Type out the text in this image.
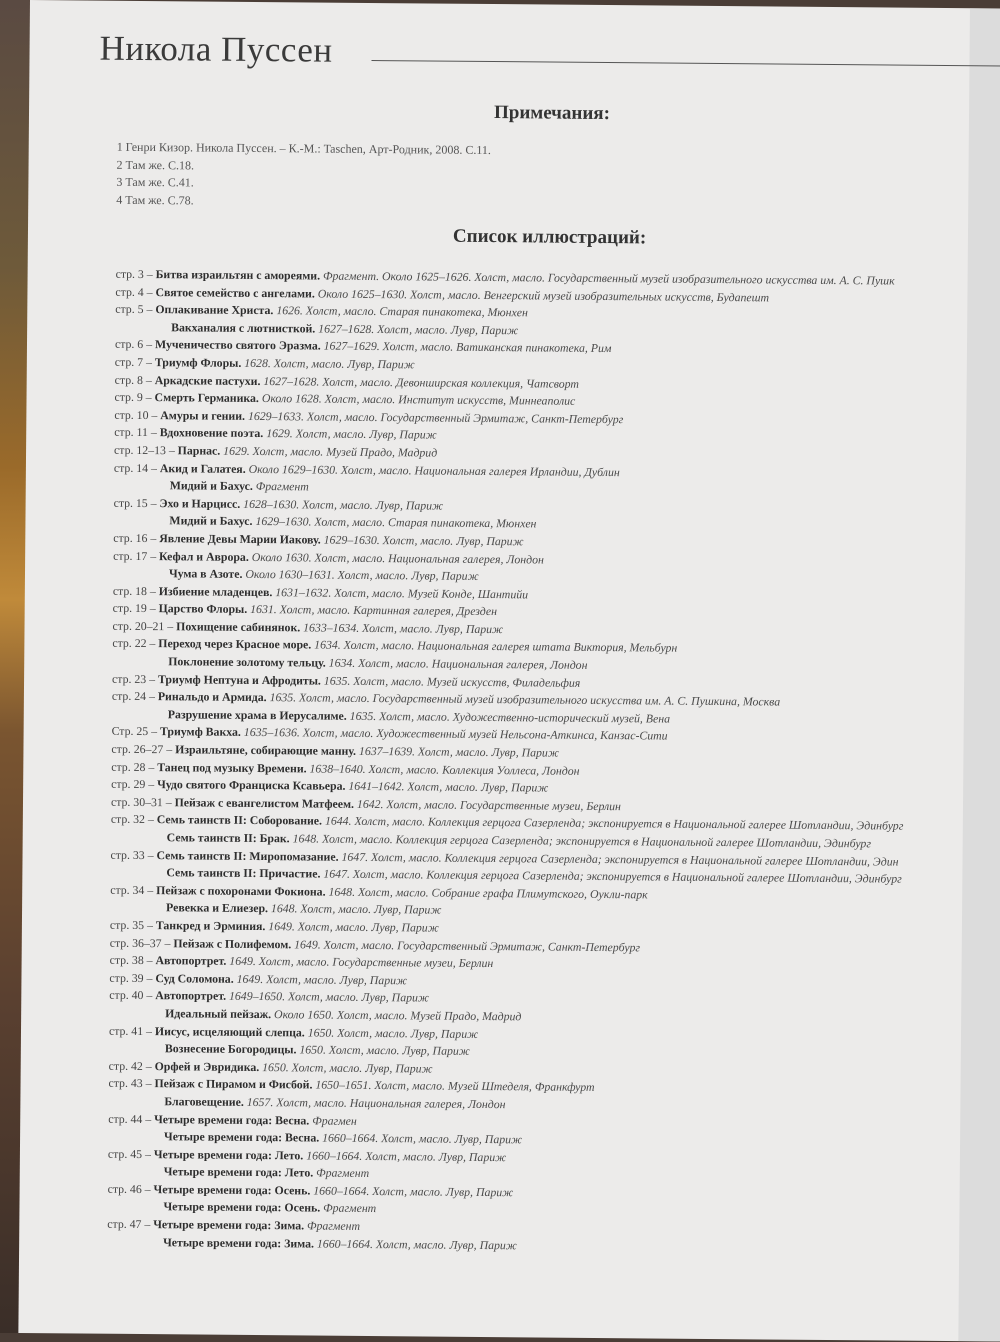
Никола Пуссен
Примечания:
1 Генри Кизор. Никола Пуссен. – К.-М.: Taschen, Арт-Родник, 2008. С.11.
2 Там же. С.18.
3 Там же. С.41.
4 Там же. С.78.
Список иллюстраций:
стр. 3 – Битва израильтян с амореями. Фрагмент. Около 1625–1626. Холст, масло. Государственный музей изобразительного искусства им. А. С. Пушк
стр. 4 – Святое семейство с ангелами. Около 1625–1630. Холст, масло. Венгерский музей изобразительных искусств, Будапешт
стр. 5 – Оплакивание Христа. 1626. Холст, масло. Старая пинакотека, Мюнхен
Вакханалия с лютнисткой. 1627–1628. Холст, масло. Лувр, Париж
стр. 6 – Мученичество святого Эразма. 1627–1629. Холст, масло. Ватиканская пинакотека, Рим
стр. 7 – Триумф Флоры. 1628. Холст, масло. Лувр, Париж
стр. 8 – Аркадские пастухи. 1627–1628. Холст, масло. Девонширская коллекция, Чатсворт
стр. 9 – Смерть Германика. Около 1628. Холст, масло. Институт искусств, Миннеаполис
стр. 10 – Амуры и гении. 1629–1633. Холст, масло. Государственный Эрмитаж, Санкт-Петербург
стр. 11 – Вдохновение поэта. 1629. Холст, масло. Лувр, Париж
стр. 12–13 – Парнас. 1629. Холст, масло. Музей Прадо, Мадрид
стр. 14 – Акид и Галатея. Около 1629–1630. Холст, масло. Национальная галерея Ирландии, Дублин
Мидий и Бахус. Фрагмент
стр. 15 – Эхо и Нарцисс. 1628–1630. Холст, масло. Лувр, Париж
Мидий и Бахус. 1629–1630. Холст, масло. Старая пинакотека, Мюнхен
стр. 16 – Явление Девы Марии Иакову. 1629–1630. Холст, масло. Лувр, Париж
стр. 17 – Кефал и Аврора. Около 1630. Холст, масло. Национальная галерея, Лондон
Чума в Азоте. Около 1630–1631. Холст, масло. Лувр, Париж
стр. 18 – Избиение младенцев. 1631–1632. Холст, масло. Музей Конде, Шантийи
стр. 19 – Царство Флоры. 1631. Холст, масло. Картинная галерея, Дрезден
стр. 20–21 – Похищение сабинянок. 1633–1634. Холст, масло. Лувр, Париж
стр. 22 – Переход через Красное море. 1634. Холст, масло. Национальная галерея штата Виктория, Мельбурн
Поклонение золотому тельцу. 1634. Холст, масло. Национальная галерея, Лондон
стр. 23 – Триумф Нептуна и Афродиты. 1635. Холст, масло. Музей искусств, Филадельфия
стр. 24 – Ринальдо и Армида. 1635. Холст, масло. Государственный музей изобразительного искусства им. А. С. Пушкина, Москва
Разрушение храма в Иерусалиме. 1635. Холст, масло. Художественно-исторический музей, Вена
Стр. 25 – Триумф Вакха. 1635–1636. Холст, масло. Художественный музей Нельсона-Аткинса, Канзас-Сити
стр. 26–27 – Израильтяне, собирающие манну. 1637–1639. Холст, масло. Лувр, Париж
стр. 28 – Танец под музыку Времени. 1638–1640. Холст, масло. Коллекция Уоллеса, Лондон
стр. 29 – Чудо святого Франциска Ксавьера. 1641–1642. Холст, масло. Лувр, Париж
стр. 30–31 – Пейзаж с евангелистом Матфеем. 1642. Холст, масло. Государственные музеи, Берлин
стр. 32 – Семь таинств II: Соборование. 1644. Холст, масло. Коллекция герцога Сазерленда; экспонируется в Национальной галерее Шотландии, Эдинбург
Семь таинств II: Брак. 1648. Холст, масло. Коллекция герцога Сазерленда; экспонируется в Национальной галерее Шотландии, Эдинбург
стр. 33 – Семь таинств II: Миропомазание. 1647. Холст, масло. Коллекция герцога Сазерленда; экспонируется в Национальной галерее Шотландии, Эдин
Семь таинств II: Причастие. 1647. Холст, масло. Коллекция герцога Сазерленда; экспонируется в Национальной галерее Шотландии, Эдинбург
стр. 34 – Пейзаж с похоронами Фокиона. 1648. Холст, масло. Собрание графа Плимутского, Оукли-парк
Ревекка и Елиезер. 1648. Холст, масло. Лувр, Париж
стр. 35 – Танкред и Эрминия. 1649. Холст, масло. Лувр, Париж
стр. 36–37 – Пейзаж с Полифемом. 1649. Холст, масло. Государственный Эрмитаж, Санкт-Петербург
стр. 38 – Автопортрет. 1649. Холст, масло. Государственные музеи, Берлин
стр. 39 – Суд Соломона. 1649. Холст, масло. Лувр, Париж
стр. 40 – Автопортрет. 1649–1650. Холст, масло. Лувр, Париж
Идеальный пейзаж. Около 1650. Холст, масло. Музей Прадо, Мадрид
стр. 41 – Иисус, исцеляющий слепца. 1650. Холст, масло. Лувр, Париж
Вознесение Богородицы. 1650. Холст, масло. Лувр, Париж
стр. 42 – Орфей и Эвридика. 1650. Холст, масло. Лувр, Париж
стр. 43 – Пейзаж с Пирамом и Фисбой. 1650–1651. Холст, масло. Музей Штеделя, Франкфурт
Благовещение. 1657. Холст, масло. Национальная галерея, Лондон
стр. 44 – Четыре времени года: Весна. Фрагмен
Четыре времени года: Весна. 1660–1664. Холст, масло. Лувр, Париж
стр. 45 – Четыре времени года: Лето. 1660–1664. Холст, масло. Лувр, Париж
Четыре времени года: Лето. Фрагмент
стр. 46 – Четыре времени года: Осень. 1660–1664. Холст, масло. Лувр, Париж
Четыре времени года: Осень. Фрагмент
стр. 47 – Четыре времени года: Зима. Фрагмент
Четыре времени года: Зима. 1660–1664. Холст, масло. Лувр, Париж
